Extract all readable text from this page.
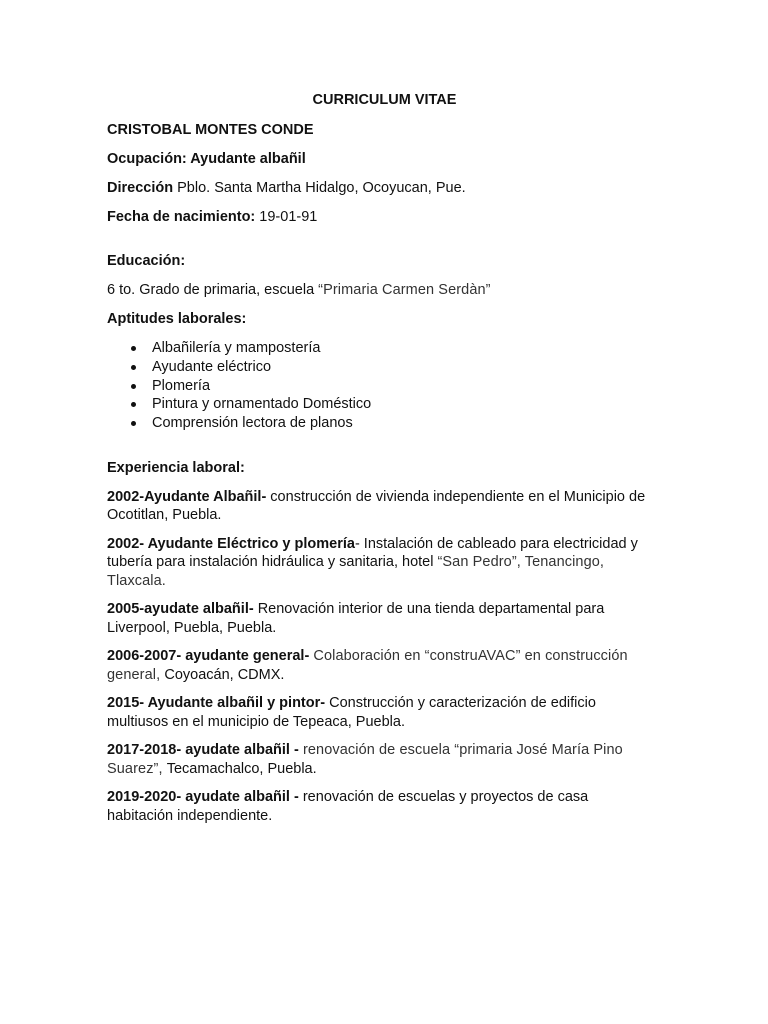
CURRICULUM VITAE
CRISTOBAL MONTES CONDE
Ocupación: Ayudante albañil
Dirección Pblo. Santa Martha Hidalgo, Ocoyucan, Pue.
Fecha de nacimiento: 19-01-91
Educación:
6 to. Grado de primaria, escuela “Primaria Carmen Serdàn”
Aptitudes laborales:
Albañilería y mampostería
Ayudante eléctrico
Plomería
Pintura y ornamentado Doméstico
Comprensión lectora de planos
Experiencia laboral:
2002-Ayudante Albañil- construcción de vivienda independiente en el Municipio de Ocotitlan, Puebla.
2002- Ayudante Eléctrico y plomería- Instalación de cableado para electricidad y tubería para instalación hidráulica y sanitaria, hotel “San Pedro”, Tenancingo, Tlaxcala.
2005-ayudate albañil- Renovación interior de una tienda departamental para Liverpool, Puebla, Puebla.
2006-2007- ayudante general- Colaboración en “construAVAC” en construcción general, Coyoacán, CDMX.
2015- Ayudante albañil y pintor- Construcción y caracterización de edificio multiusos en el municipio de Tepeaca, Puebla.
2017-2018- ayudate albañil - renovación de escuela “primaria José María Pino Suarez”, Tecamachalco, Puebla.
2019-2020- ayudate albañil - renovación de escuelas y proyectos de casa habitación independiente.
